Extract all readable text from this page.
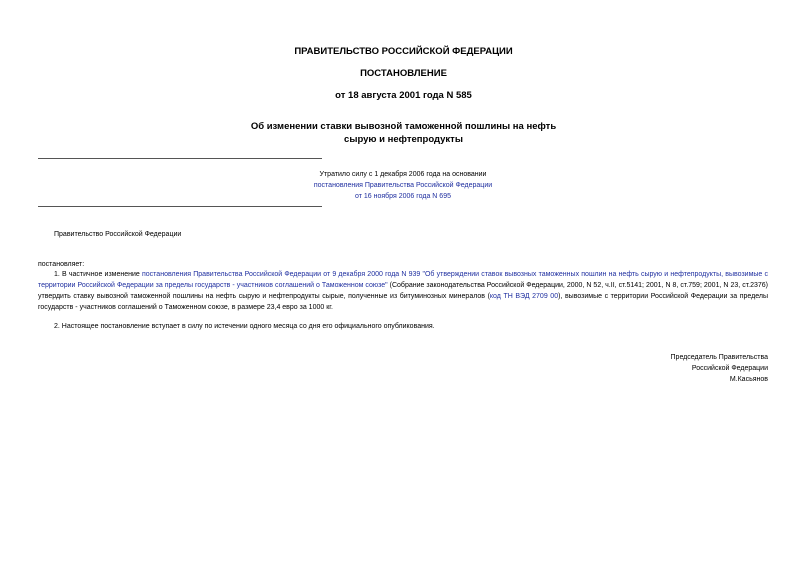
ПРАВИТЕЛЬСТВО РОССИЙСКОЙ ФЕДЕРАЦИИ
ПОСТАНОВЛЕНИЕ
от 18 августа 2001 года N 585
Об изменении ставки вывозной таможенной пошлины на нефть
сырую и нефтепродукты
Утратило силу с 1 декабря 2006 года на основании
постановления Правительства Российской Федерации
от 16 ноября 2006 года N 695
Правительство Российской Федерации
постановляет:
1. В частичное изменение постановления Правительства Российской Федерации от 9 декабря 2000 года N 939 "Об утверждении ставок вывозных таможенных пошлин на нефть сырую и нефтепродукты, вывозимые с территории Российской Федерации за пределы государств - участников соглашений о Таможенном союзе" (Собрание законодательства Российской Федерации, 2000, N 52, ч.II, ст.5141; 2001, N 8, ст.759; 2001, N 23, ст.2376) утвердить ставку вывозной таможенной пошлины на нефть сырую и нефтепродукты сырые, полученные из битуминозных минералов (код ТН ВЭД 2709 00), вывозимые с территории Российской Федерации за пределы государств - участников соглашений о Таможенном союзе, в размере 23,4 евро за 1000 кг.
2. Настоящее постановление вступает в силу по истечении одного месяца со дня его официального опубликования.
Председатель Правительства
Российской Федерации
М.Касьянов
